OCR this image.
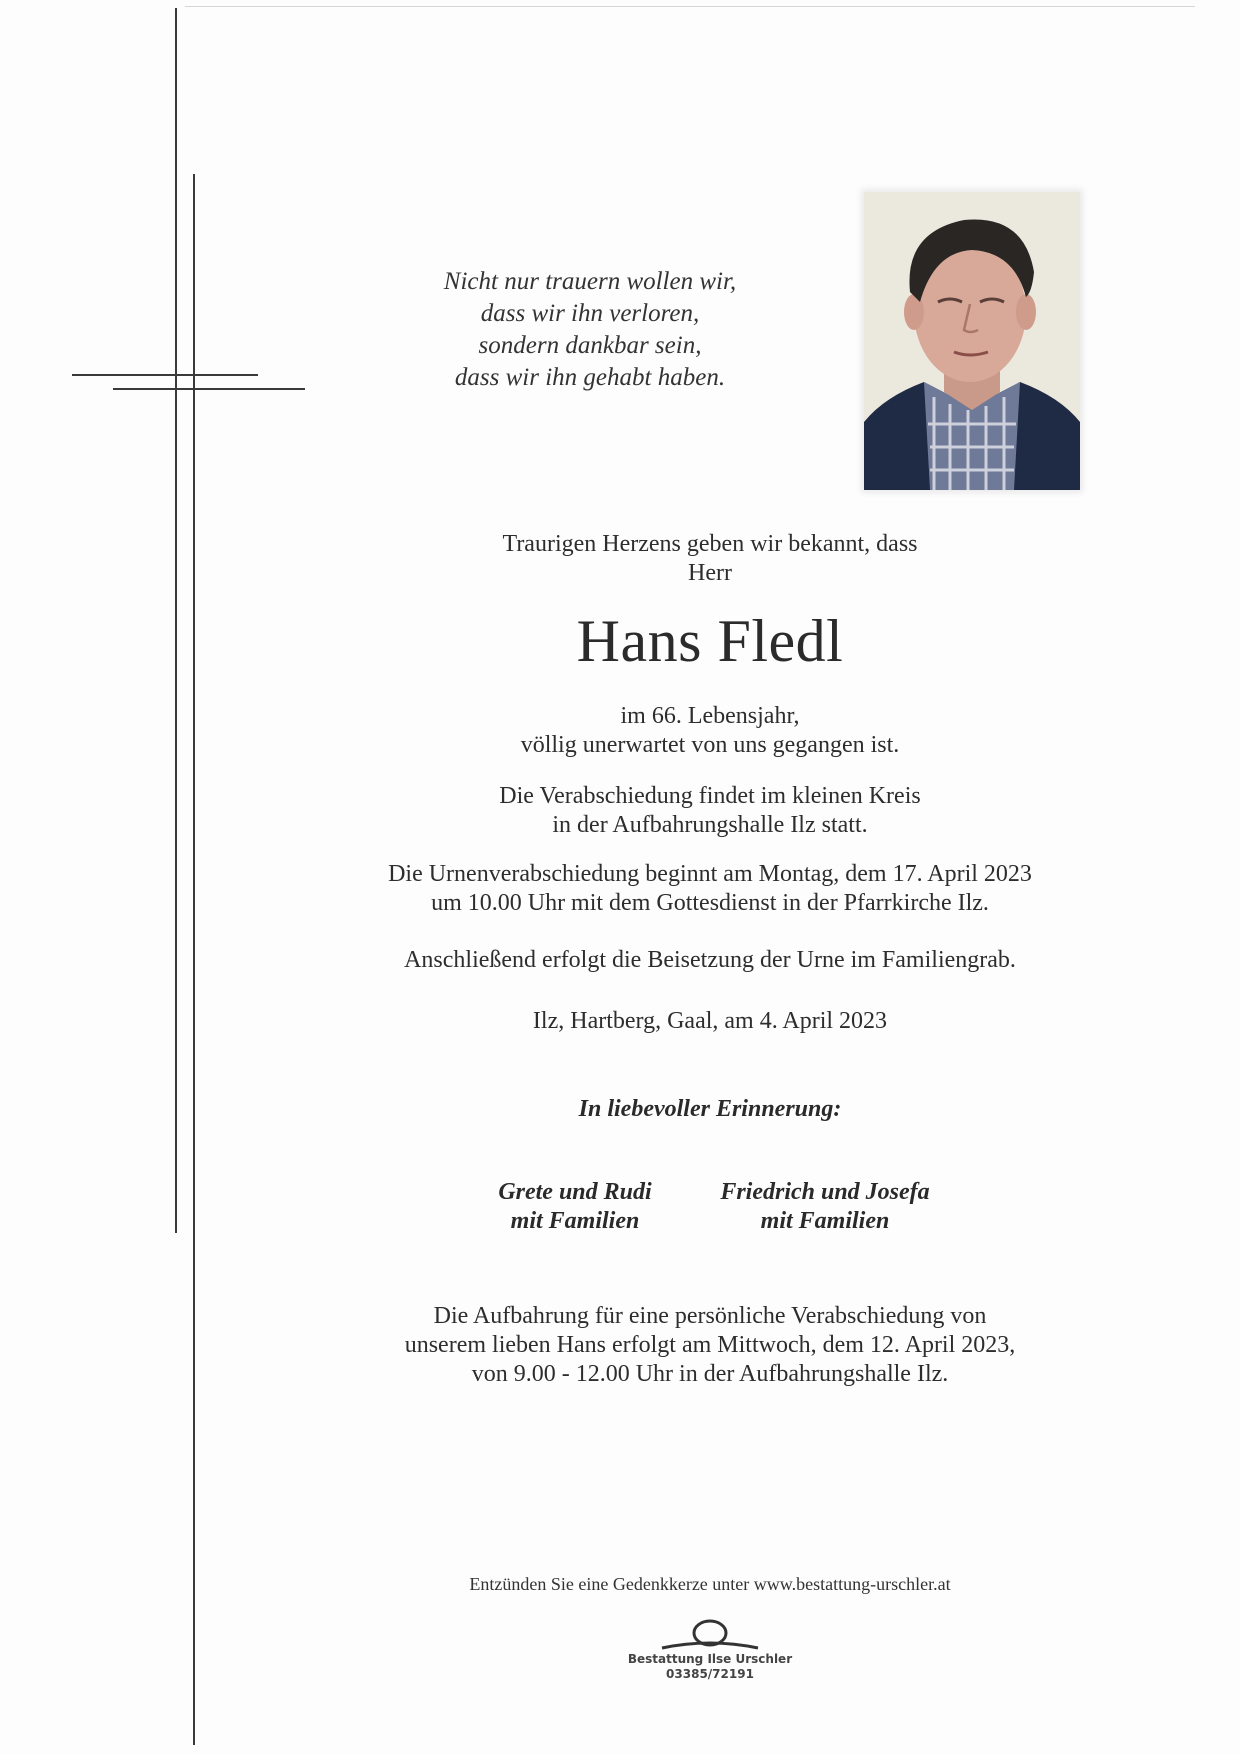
Nicht nur trauern wollen wir,
dass wir ihn verloren,
sondern dankbar sein,
dass wir ihn gehabt haben.
Traurigen Herzens geben wir bekannt, dass
Herr
Hans Fledl
im 66. Lebensjahr,
völlig unerwartet von uns gegangen ist.
Die Verabschiedung findet im kleinen Kreis
in der Aufbahrungshalle Ilz statt.
Die Urnenverabschiedung beginnt am Montag, dem 17. April 2023
um 10.00 Uhr mit dem Gottesdienst in der Pfarrkirche Ilz.
Anschließend erfolgt die Beisetzung der Urne im Familiengrab.
Ilz, Hartberg, Gaal, am 4. April 2023
In liebevoller Erinnerung:
Grete und Rudi
mit Familien
Friedrich und Josefa
mit Familien
Die Aufbahrung für eine persönliche Verabschiedung von
unserem lieben Hans erfolgt am Mittwoch, dem 12. April 2023,
von 9.00 - 12.00 Uhr in der Aufbahrungshalle Ilz.
Entzünden Sie eine Gedenkkerze unter www.bestattung-urschler.at
Bestattung Ilse Urschler
03385/72191
